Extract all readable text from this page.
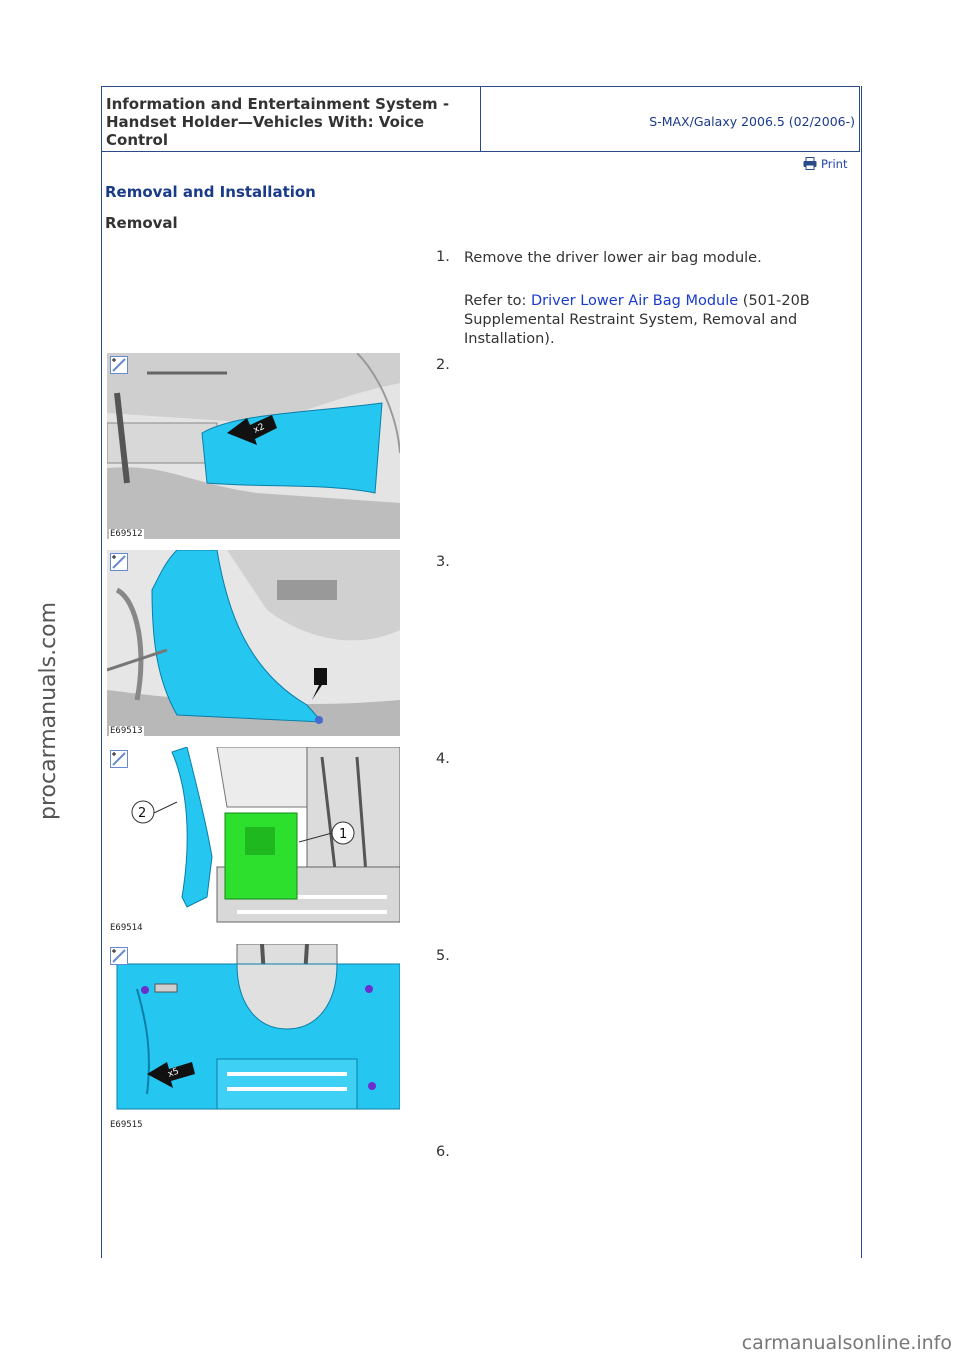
Information and Entertainment System - Handset Holder—Vehicles With: Voice Control
S-MAX/Galaxy 2006.5 (02/2006-)
Print
Removal and Installation
Removal
1. Remove the driver lower air bag module.
Refer to: Driver Lower Air Bag Module (501-20B Supplemental Restraint System, Removal and Installation).
2.
x2
E69512
3.
E69513
4.
2
1
E69514
5.
x5
E69515
6.
procarmanuals.com
carmanualsonline.info
